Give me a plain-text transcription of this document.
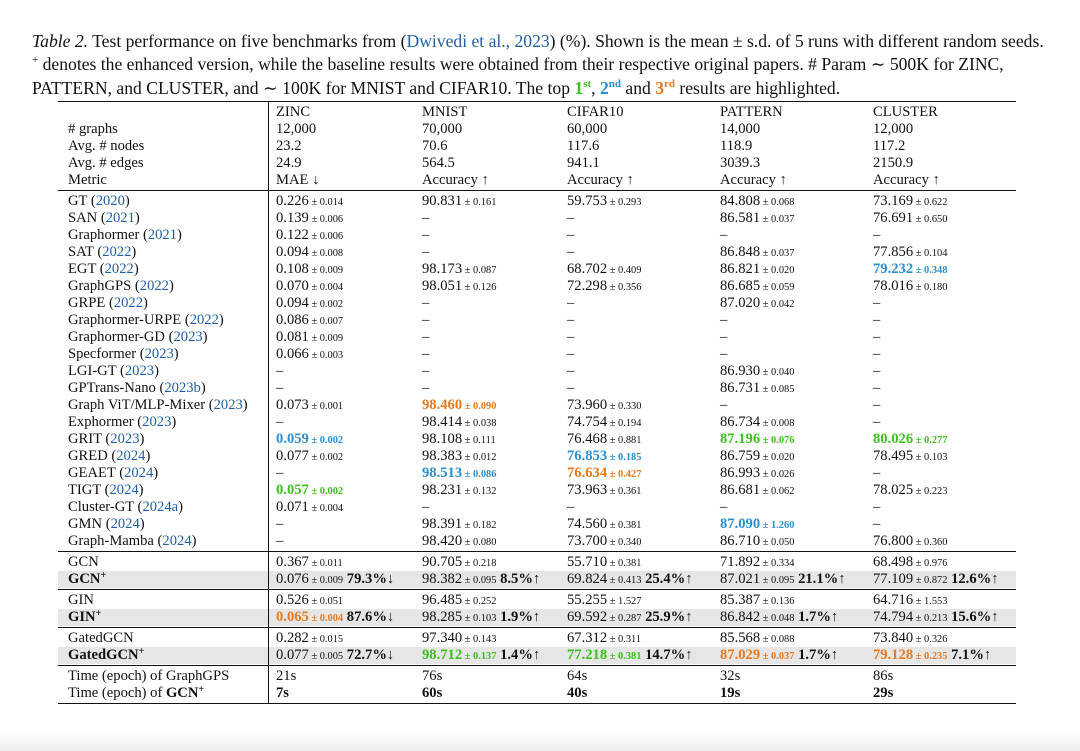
Table 2. Test performance on five benchmarks from (Dwivedi et al., 2023) (%). Shown is the mean ± s.d. of 5 runs with different random seeds. + denotes the enhanced version, while the baseline results were obtained from their respective original papers. # Param ∼ 500K for ZINC, PATTERN, and CLUSTER, and ∼ 100K for MNIST and CIFAR10. The top 1st, 2nd and 3rd results are highlighted.
ZINC	MNIST	CIFAR10	PATTERN	CLUSTER
# graphs	12,000	70,000	60,000	14,000	12,000
Avg. # nodes	23.2	70.6	117.6	118.9	117.2
Avg. # edges	24.9	564.5	941.1	3039.3	2150.9
Metric	MAE ↓	Accuracy ↑	Accuracy ↑	Accuracy ↑	Accuracy ↑
GT (2020)	0.226 ± 0.014	90.831 ± 0.161	59.753 ± 0.293	84.808 ± 0.068	73.169 ± 0.622
SAN (2021)	0.139 ± 0.006	–	–	86.581 ± 0.037	76.691 ± 0.650
Graphormer (2021)	0.122 ± 0.006	–	–	–	–
SAT (2022)	0.094 ± 0.008	–	–	86.848 ± 0.037	77.856 ± 0.104
EGT (2022)	0.108 ± 0.009	98.173 ± 0.087	68.702 ± 0.409	86.821 ± 0.020	79.232 ± 0.348
GraphGPS (2022)	0.070 ± 0.004	98.051 ± 0.126	72.298 ± 0.356	86.685 ± 0.059	78.016 ± 0.180
GRPE (2022)	0.094 ± 0.002	–	–	87.020 ± 0.042	–
Graphormer-URPE (2022)	0.086 ± 0.007	–	–	–	–
Graphormer-GD (2023)	0.081 ± 0.009	–	–	–	–
Specformer (2023)	0.066 ± 0.003	–	–	–	–
LGI-GT (2023)	–	–	–	86.930 ± 0.040	–
GPTrans-Nano (2023b)	–	–	–	86.731 ± 0.085	–
Graph ViT/MLP-Mixer (2023) 0.073 ± 0.001	98.460 ± 0.090	73.960 ± 0.330	–	–
Exphormer (2023)	–	98.414 ± 0.038	74.754 ± 0.194	86.734 ± 0.008	–
GRIT (2023)	0.059 ± 0.002	98.108 ± 0.111	76.468 ± 0.881	87.196 ± 0.076	80.026 ± 0.277
GRED (2024)	0.077 ± 0.002	98.383 ± 0.012	76.853 ± 0.185	86.759 ± 0.020	78.495 ± 0.103
GEAET (2024)	–	98.513 ± 0.086	76.634 ± 0.427	86.993 ± 0.026	–
TIGT (2024)	0.057 ± 0.002	98.231 ± 0.132	73.963 ± 0.361	86.681 ± 0.062	78.025 ± 0.223
Cluster-GT (2024a)	0.071 ± 0.004	–	–	–	–
GMN (2024)	–	98.391 ± 0.182	74.560 ± 0.381	87.090 ± 1.260	–
Graph-Mamba (2024)	–	98.420 ± 0.080	73.700 ± 0.340	86.710 ± 0.050	76.800 ± 0.360
GCN	0.367 ± 0.011	90.705 ± 0.218	55.710 ± 0.381	71.892 ± 0.334	68.498 ± 0.976
GCN+	0.076 ± 0.009 79.3%↓ 98.382 ± 0.095 8.5%↑ 69.824 ± 0.413 25.4%↑ 87.021 ± 0.095 21.1%↑ 77.109 ± 0.872 12.6%↑
GIN	0.526 ± 0.051	96.485 ± 0.252	55.255 ± 1.527	85.387 ± 0.136	64.716 ± 1.553
GIN+	0.065 ± 0.004 87.6%↓ 98.285 ± 0.103 1.9%↑ 69.592 ± 0.287 25.9%↑ 86.842 ± 0.048 1.7%↑ 74.794 ± 0.213 15.6%↑
GatedGCN	0.282 ± 0.015	97.340 ± 0.143	67.312 ± 0.311	85.568 ± 0.088	73.840 ± 0.326
GatedGCN+	0.077 ± 0.005 72.7%↓ 98.712 ± 0.137 1.4%↑ 77.218 ± 0.381 14.7%↑ 87.029 ± 0.037 1.7%↑ 79.128 ± 0.235 7.1%↑
Time (epoch) of GraphGPS	21s	76s	64s	32s	86s
Time (epoch) of GCN+	7s	60s	40s	19s	29s
